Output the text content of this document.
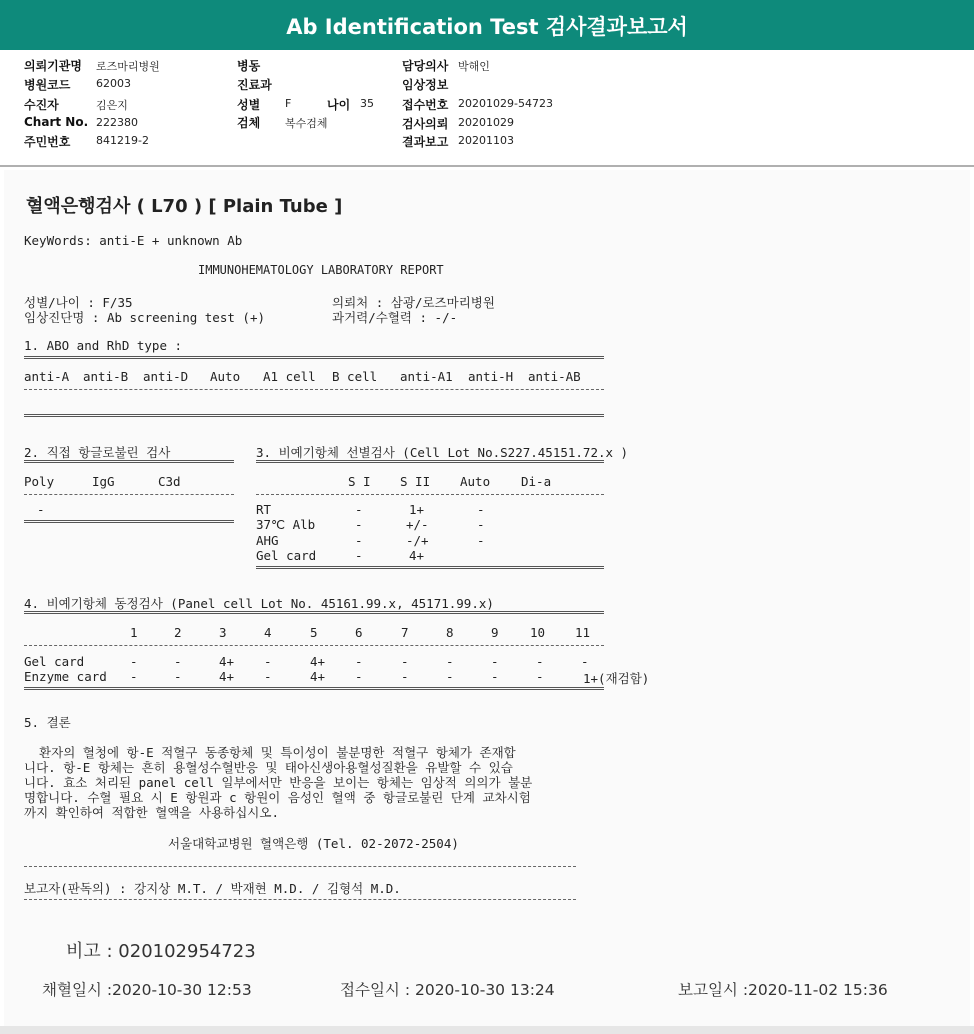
Ab Identification Test 검사결과보고서
의뢰기관명 로즈마리병원
병원코드 62003
수진자	김은지
Chart No. 222380
주민번호 841219-2
병동
진료과
성별 F	나이 35
검체 복수검체
담당의사 박해인
임상정보
접수번호 20201029-54723
검사의뢰 20201029
결과보고 20201103
혈액은행검사 ( L70 ) [ Plain Tube ]
KeyWords: anti-E + unknown Ab
IMMUNOHEMATOLOGY LABORATORY REPORT
성별/나이 : F/35	의뢰처 : 삼광/로즈마리병원
임상진단명 : Ab screening test (+)	과거력/수혈력 : -/-
1. ABO and RhD type :
anti-A anti-B anti-D Auto A1 cell B cell anti-A1 anti-H anti-AB
2. 직접 항글로불린 검사
Poly	IgG	C3d
-
3. 비예기항체 선별검사 (Cell Lot No.S227.45151.72.x )
S I S II Auto Di-a
RT	-	1+	-
37℃ Alb	-	+/-	-
AHG	-	-/+	-
Gel card	-	4+
4. 비예기항체 동정검사 (Panel cell Lot No. 45161.99.x, 45171.99.x)
1	2	3	4	5	6	7	8	9	10 11
Gel card	-	-	4+ -	4+ -	-	-	-	-	-
Enzyme card -	-	4+ -	4+ -	-	-	-	-	1+(재검함)
5. 결론
환자의 혈청에 항-E 적혈구 동종항체 및 특이성이 불분명한 적혈구 항체가 존재합
니다. 항-E 항체는 흔히 용혈성수혈반응 및 태아신생아용혈성질환을 유발할 수 있습
니다. 효소 처리된 panel cell 일부에서만 반응을 보이는 항체는 임상적 의의가 불분
명합니다. 수혈 필요 시 E 항원과 c 항원이 음성인 혈액 중 항글로불린 단계 교차시험
까지 확인하여 적합한 혈액을 사용하십시오.
서울대학교병원 혈액은행 (Tel. 02-2072-2504)
보고자(판독의) : 강지상 M.T. / 박재현 M.D. / 김형석 M.D.
비고 : 020102954723
채혈일시 :2020-10-30 12:53	접수일시 : 2020-10-30 13:24	보고일시 :2020-11-02 15:36
